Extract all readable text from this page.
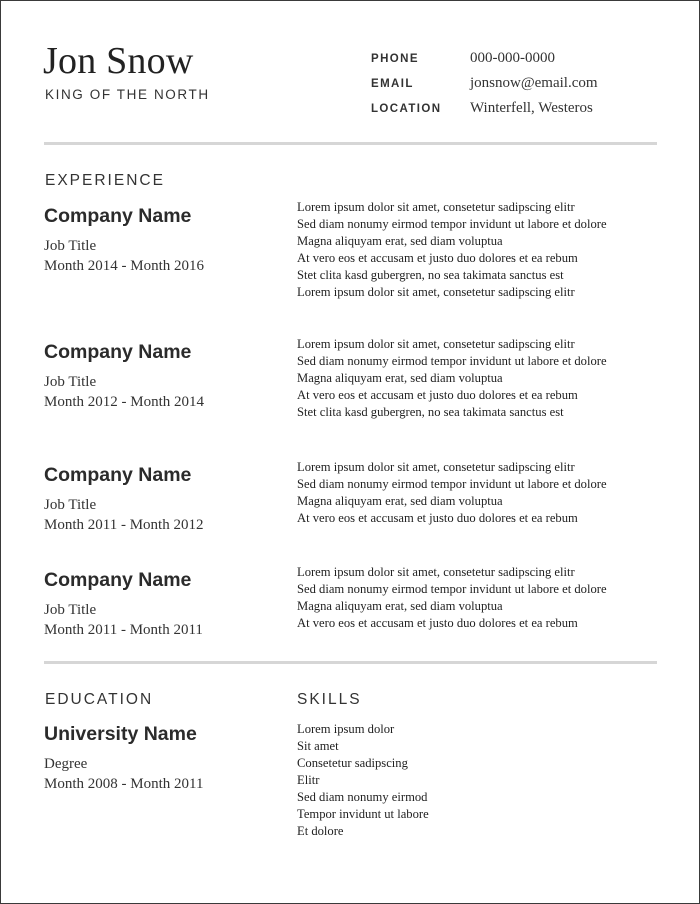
Jon Snow
KING OF THE NORTH
PHONE	000-000-0000
EMAIL	jonsnow@email.com
LOCATION	Winterfell, Westeros
EXPERIENCE
Company Name
Job Title
Month 2014 - Month 2016
Lorem ipsum dolor sit amet, consetetur sadipscing elitr
Sed diam nonumy eirmod tempor invidunt ut labore et dolore
Magna aliquyam erat, sed diam voluptua
At vero eos et accusam et justo duo dolores et ea rebum
Stet clita kasd gubergren, no sea takimata sanctus est
Lorem ipsum dolor sit amet, consetetur sadipscing elitr
Company Name
Job Title
Month 2012 - Month 2014
Lorem ipsum dolor sit amet, consetetur sadipscing elitr
Sed diam nonumy eirmod tempor invidunt ut labore et dolore
Magna aliquyam erat, sed diam voluptua
At vero eos et accusam et justo duo dolores et ea rebum
Stet clita kasd gubergren, no sea takimata sanctus est
Company Name
Job Title
Month 2011 - Month 2012
Lorem ipsum dolor sit amet, consetetur sadipscing elitr
Sed diam nonumy eirmod tempor invidunt ut labore et dolore
Magna aliquyam erat, sed diam voluptua
At vero eos et accusam et justo duo dolores et ea rebum
Company Name
Job Title
Month 2011 - Month 2011
Lorem ipsum dolor sit amet, consetetur sadipscing elitr
Sed diam nonumy eirmod tempor invidunt ut labore et dolore
Magna aliquyam erat, sed diam voluptua
At vero eos et accusam et justo duo dolores et ea rebum
EDUCATION
University Name
Degree
Month 2008 - Month 2011
SKILLS
Lorem ipsum dolor
Sit amet
Consetetur sadipscing
Elitr
Sed diam nonumy eirmod
Tempor invidunt ut labore
Et dolore
